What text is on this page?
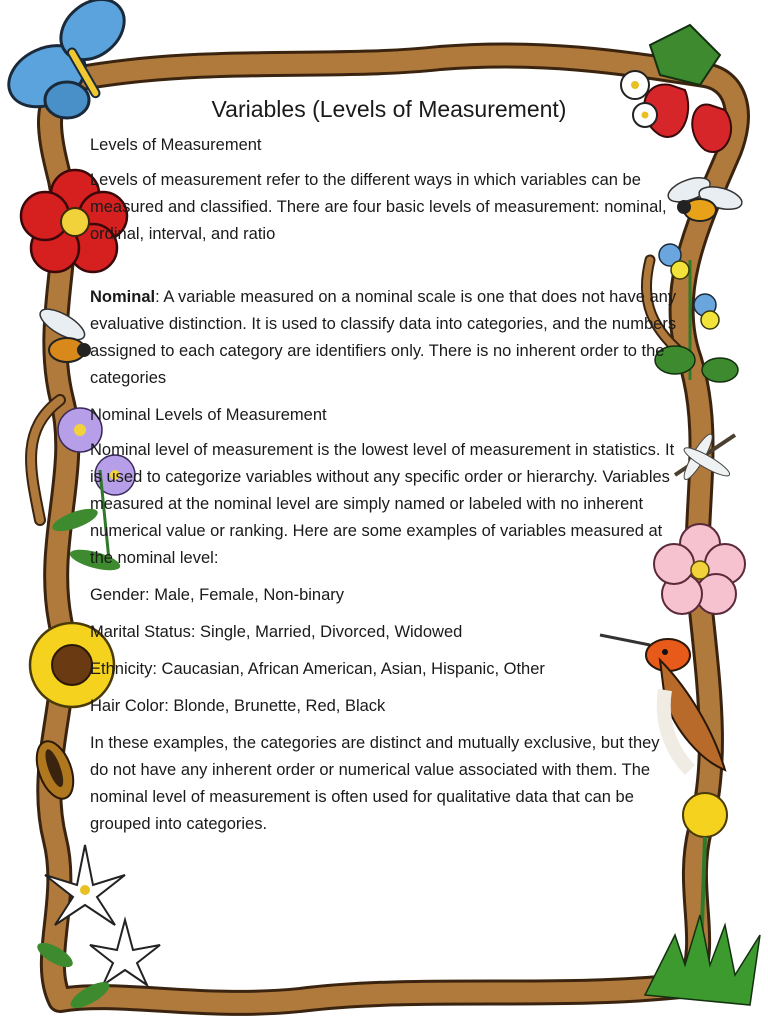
Variables (Levels of Measurement)

Levels of Measurement

Levels of measurement refer to the different ways in which variables can be measured and classified. There are four basic levels of measurement: nominal, ordinal, interval, and ratio

Nominal: A variable measured on a nominal scale is one that does not have any evaluative distinction. It is used to classify data into categories, and the numbers assigned to each category are identifiers only. There is no inherent order to the categories

Nominal Levels of Measurement

Nominal level of measurement is the lowest level of measurement in statistics. It is used to categorize variables without any specific order or hierarchy. Variables measured at the nominal level are simply named or labeled with no inherent numerical value or ranking. Here are some examples of variables measured at the nominal level:

Gender: Male, Female, Non-binary

Marital Status: Single, Married, Divorced, Widowed

Ethnicity: Caucasian, African American, Asian, Hispanic, Other

Hair Color: Blonde, Brunette, Red, Black

In these examples, the categories are distinct and mutually exclusive, but they do not have any inherent order or numerical value associated with them. The nominal level of measurement is often used for qualitative data that can be grouped into categories.
